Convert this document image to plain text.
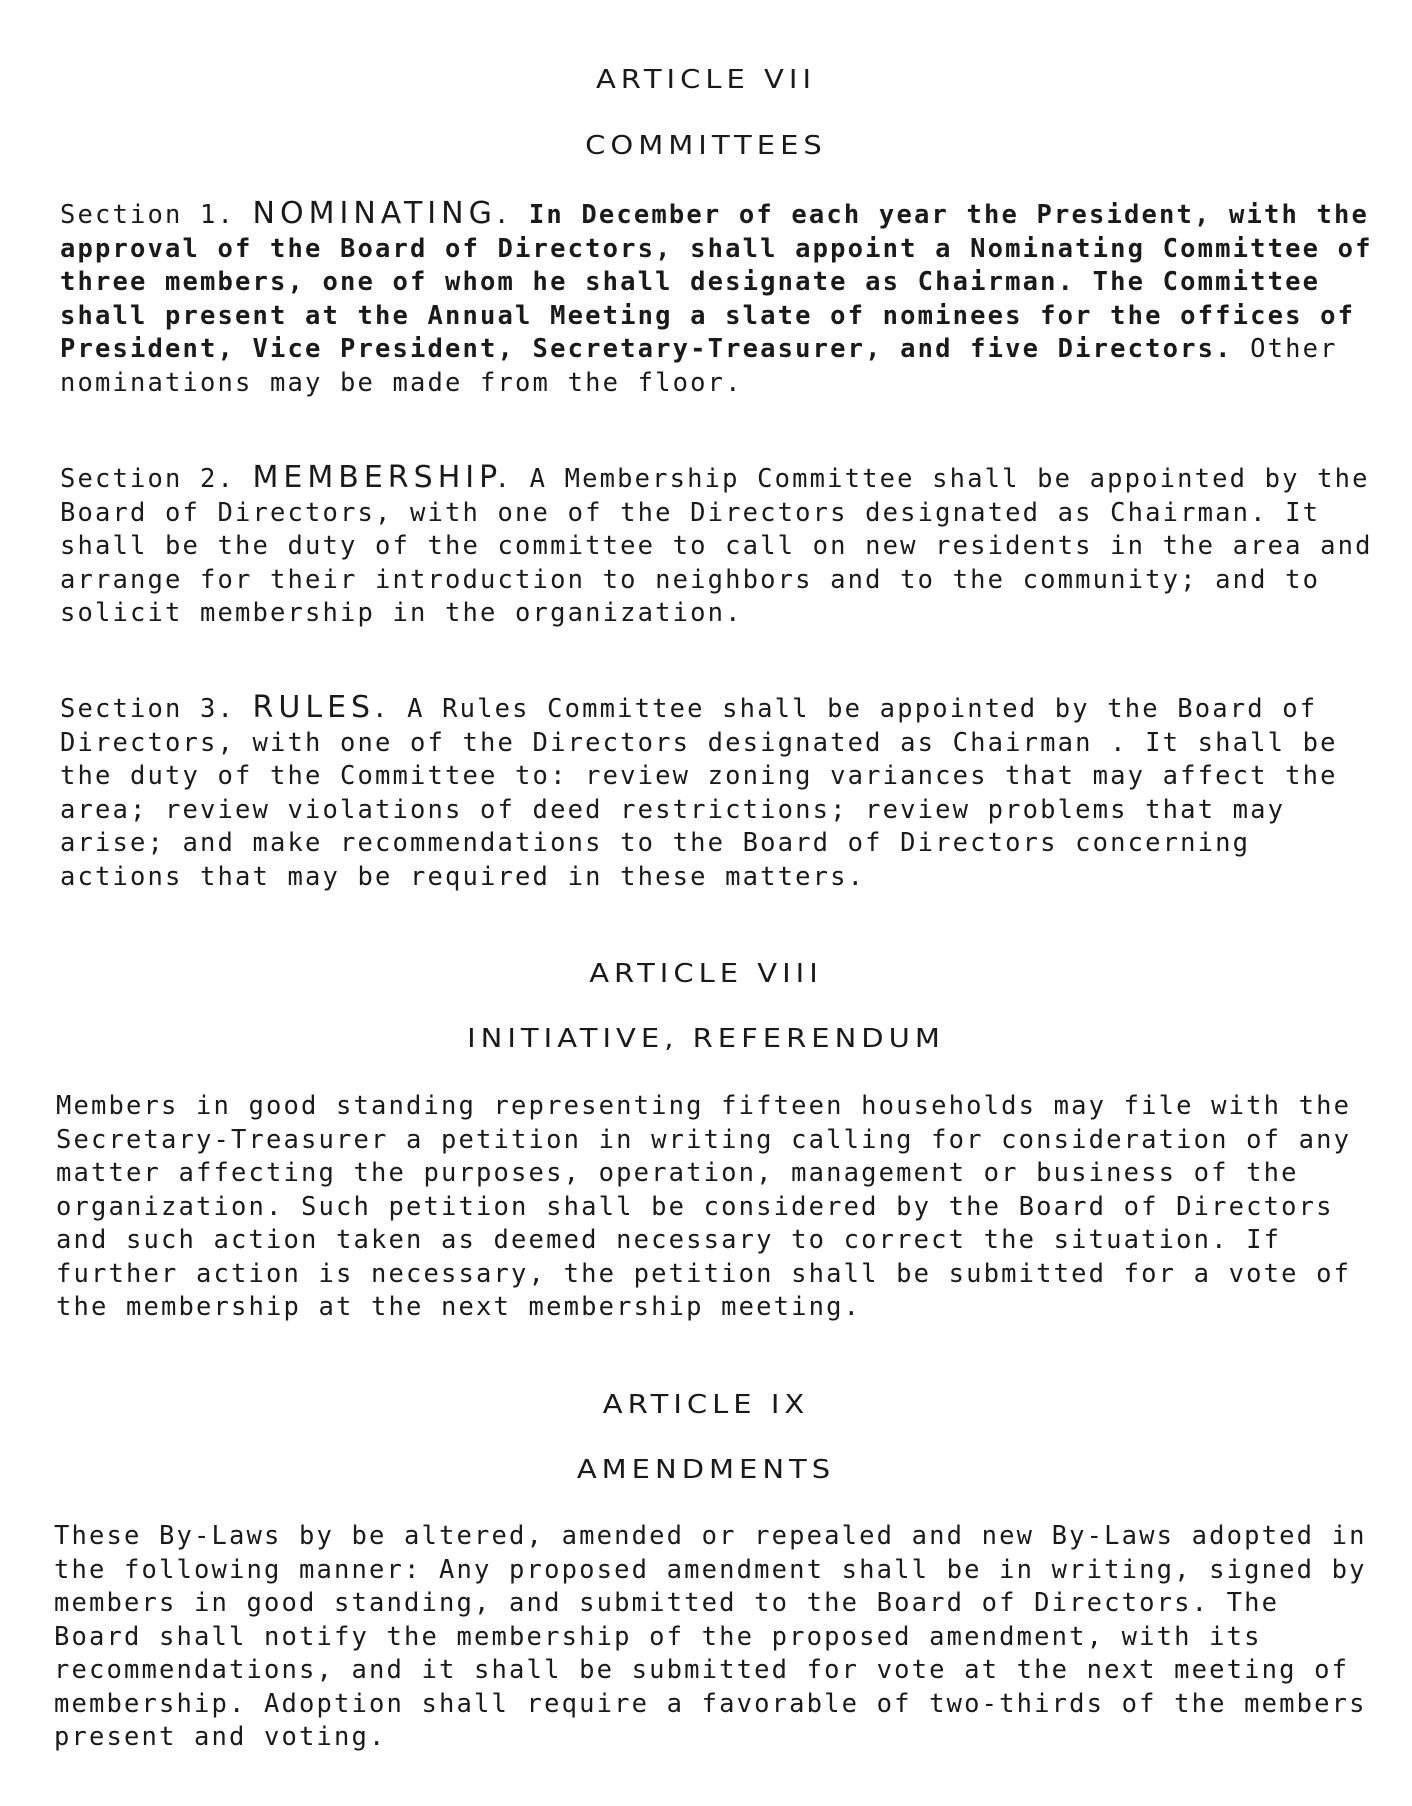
ARTICLE VII
COMMITTEES

Section 1. NOMINATING. In December of each year the President, with the approval of the Board of Directors, shall appoint a Nominating Committee of three members, one of whom he shall designate as Chairman. The Committee shall present at the Annual Meeting a slate of nominees for the offices of President, Vice President, Secretary-Treasurer, and five Directors. Other nominations may be made from the floor.

Section 2. MEMBERSHIP. A Membership Committee shall be appointed by the Board of Directors, with one of the Directors designated as Chairman. It shall be the duty of the committee to call on new residents in the area and arrange for their introduction to neighbors and to the community; and to solicit membership in the organization.

Section 3. RULES. A Rules Committee shall be appointed by the Board of Directors, with one of the Directors designated as Chairman . It shall be the duty of the Committee to: review zoning variances that may affect the area; review violations of deed restrictions; review problems that may arise; and make recommendations to the Board of Directors concerning actions that may be required in these matters.

ARTICLE VIII
INITIATIVE, REFERENDUM

Members in good standing representing fifteen households may file with the Secretary-Treasurer a petition in writing calling for consideration of any matter affecting the purposes, operation, management or business of the organization. Such petition shall be considered by the Board of Directors and such action taken as deemed necessary to correct the situation. If further action is necessary, the petition shall be submitted for a vote of the membership at the next membership meeting.

ARTICLE IX
AMENDMENTS

These By-Laws by be altered, amended or repealed and new By-Laws adopted in the following manner: Any proposed amendment shall be in writing, signed by members in good standing, and submitted to the Board of Directors. The Board shall notify the membership of the proposed amendment, with its recommendations, and it shall be submitted for vote at the next meeting of membership. Adoption shall require a favorable of two-thirds of the members present and voting.
